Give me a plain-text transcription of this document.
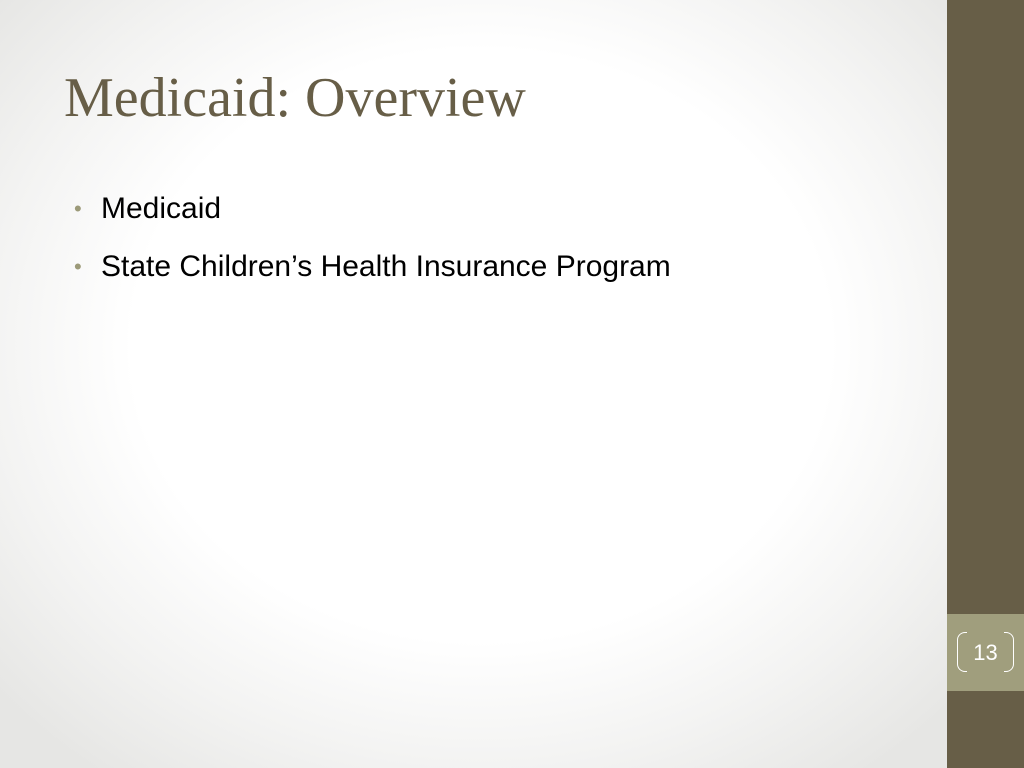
Medicaid: Overview
• Medicaid
• State Children’s Health Insurance Program
13
